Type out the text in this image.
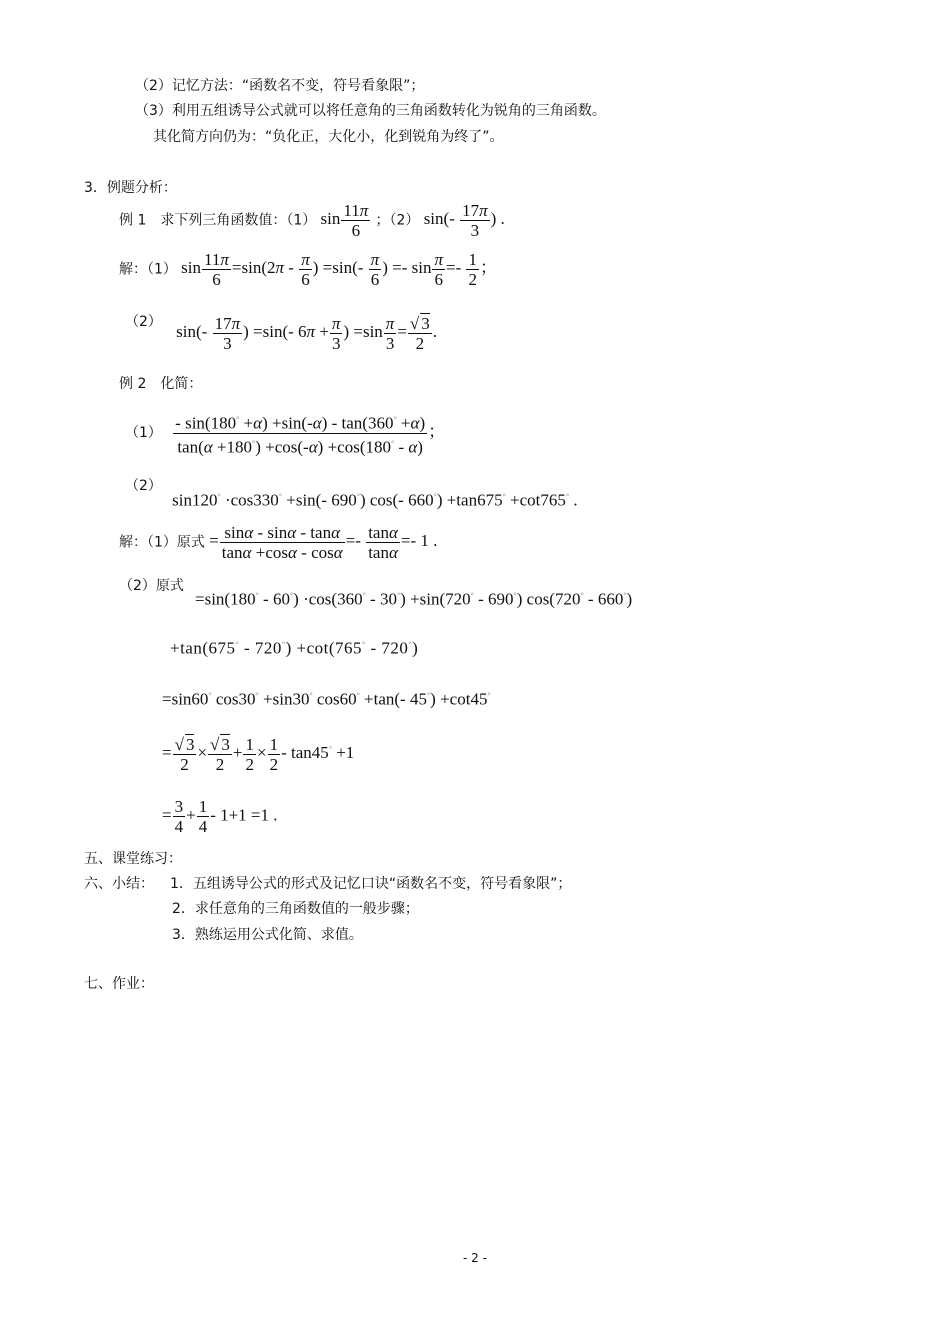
（2）记忆方法：“函数名不变，符号看象限”；
（3）利用五组诱导公式就可以将任意角的三角函数转化为锐角的三角函数。
其化简方向仍为：“负化正，大化小，化到锐角为终了”。
3．例题分析：
例 1　求下列三角函数值：（1） $\sin \frac{11\pi}{6}$ ；（2） $\sin(- \frac{17\pi}{3}$ ) .
解：（1） $\sin \frac{11\pi}{6} =\sin(2\pi - \frac{\pi}{6}$ ) $=\sin(- \frac{\pi}{6}$ ) =- $\sin \frac{\pi}{6} =- \frac{1}{2}$ ；
$^{(2)}$ $\sin(- \frac{17\pi}{3}$ ) =sin(- $6\pi + \frac{\pi}{3}$ ) $=\sin \frac{\pi}{3} = \frac{√ 3}{2}$ .
例 2　化简：
$(1) \frac{- \sin(180^\circ +\alpha) +\sin(-\alpha) - \tan(360^\circ +\alpha)}{\tan(\alpha +180^\circ) +\cos(-\alpha) +\cos(180^\circ - \alpha)}$ ；
$^{(2)}$ sin120° ·cos330° +sin(- 690°) cos(- 660°) +tan675° +cot765° .
解：（1）原式 = $\frac{\sin\alpha - \sin\alpha - \tan\alpha}{\tan\alpha +\cos\alpha - \cos\alpha} =- \frac{\tan\alpha}{\tan\alpha} =- 1$ .
（2）原式
=sin(180° - 60°) ·cos(360° - 30°) +sin(720° - 690°) cos(720° - 660°)
+tan(675° - 720°) +cot(765° - 720°)
=sin60° cos30° +sin30° cos60° +tan(- 45°) +cot45°
= $\frac{√ 3}{2} \times \frac{√ 3}{2} + \frac{1}{2} \times \frac{1}{2} - \tan 45^\circ +1$
= $\frac{3}{4} + \frac{1}{4} - 1+1 =1$ .
五、课堂练习：
六、小结： 1．五组诱导公式的形式及记忆口诀“函数名不变，符号看象限”；
2．求任意角的三角函数值的一般步骤；
3．熟练运用公式化简、求值。
七、作业：
- 2 -
